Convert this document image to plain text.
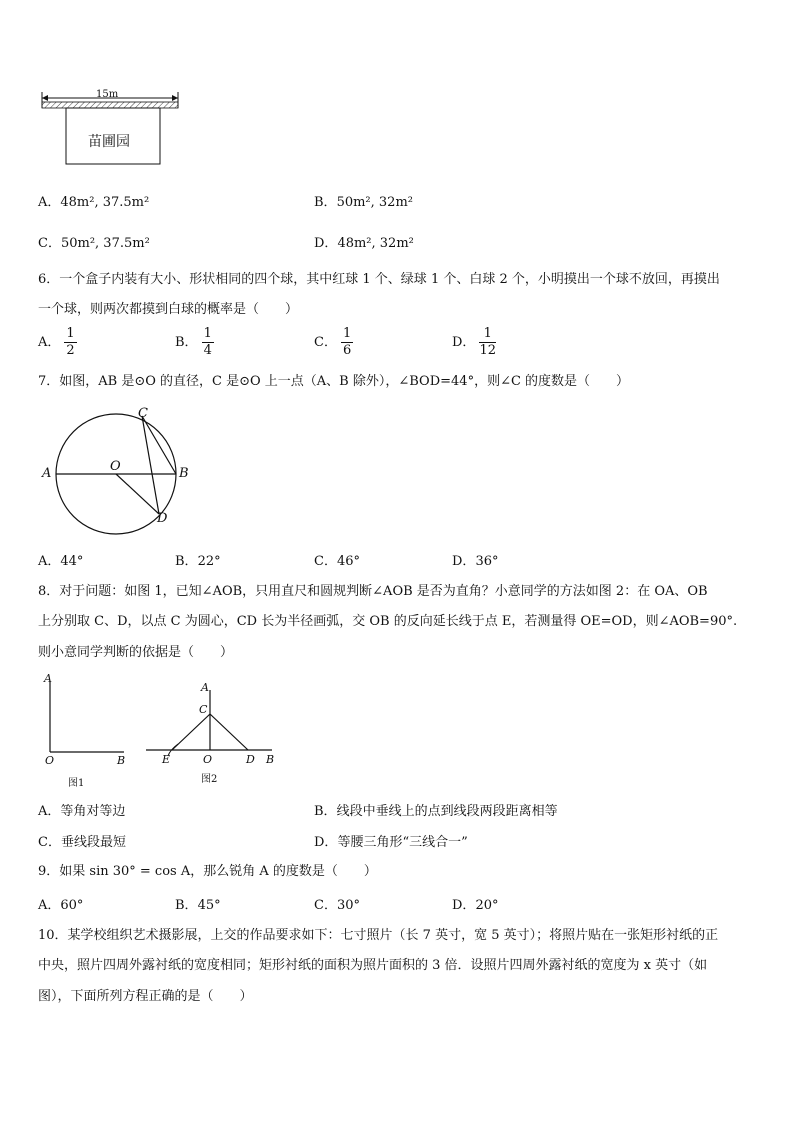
15m
苗圃园
A．48m², 37.5m²	B．50m², 32m²
C．50m², 37.5m²	D．48m², 32m²
6．一个盒子内装有大小、形状相同的四个球，其中红球 1 个、绿球 1 个、白球 2 个，小明摸出一个球不放回，再摸出
一个球，则两次都摸到白球的概率是（　　）
A． $\frac{1}{2}$	B． $\frac{1}{4}$	C． $\frac{1}{6}$	D． $\frac{1}{12}$
7．如图，AB 是⊙O 的直径，C 是⊙O 上一点（A、B 除外），∠BOD=44°，则∠C 的度数是（　　）
A	B
C
D
O
A．44°	B．22°	C．46°	D．36°
8．对于问题：如图 1，已知∠AOB，只用直尺和圆规判断∠AOB 是否为直角？小意同学的方法如图 2：在 OA、OB
上分别取 C、D，以点 C 为圆心，CD 长为半径画弧，交 OB 的反向延长线于点 E，若测量得 OE=OD，则∠AOB=90°.
则小意同学判断的依据是（　　）
A
O	B
图1
A
C
E	O	D B
图2
A．等角对等边	B．线段中垂线上的点到线段两段距离相等
C．垂线段最短	D．等腰三角形“三线合一”
9．如果 sin 30° = cos A，那么锐角 A 的度数是（　　）
A．60°	B．45°	C．30°	D．20°
10．某学校组织艺术摄影展，上交的作品要求如下：七寸照片（长 7 英寸，宽 5 英寸）；将照片贴在一张矩形衬纸的正
中央，照片四周外露衬纸的宽度相同；矩形衬纸的面积为照片面积的 3 倍．设照片四周外露衬纸的宽度为 x 英寸（如
图），下面所列方程正确的是（　　）
